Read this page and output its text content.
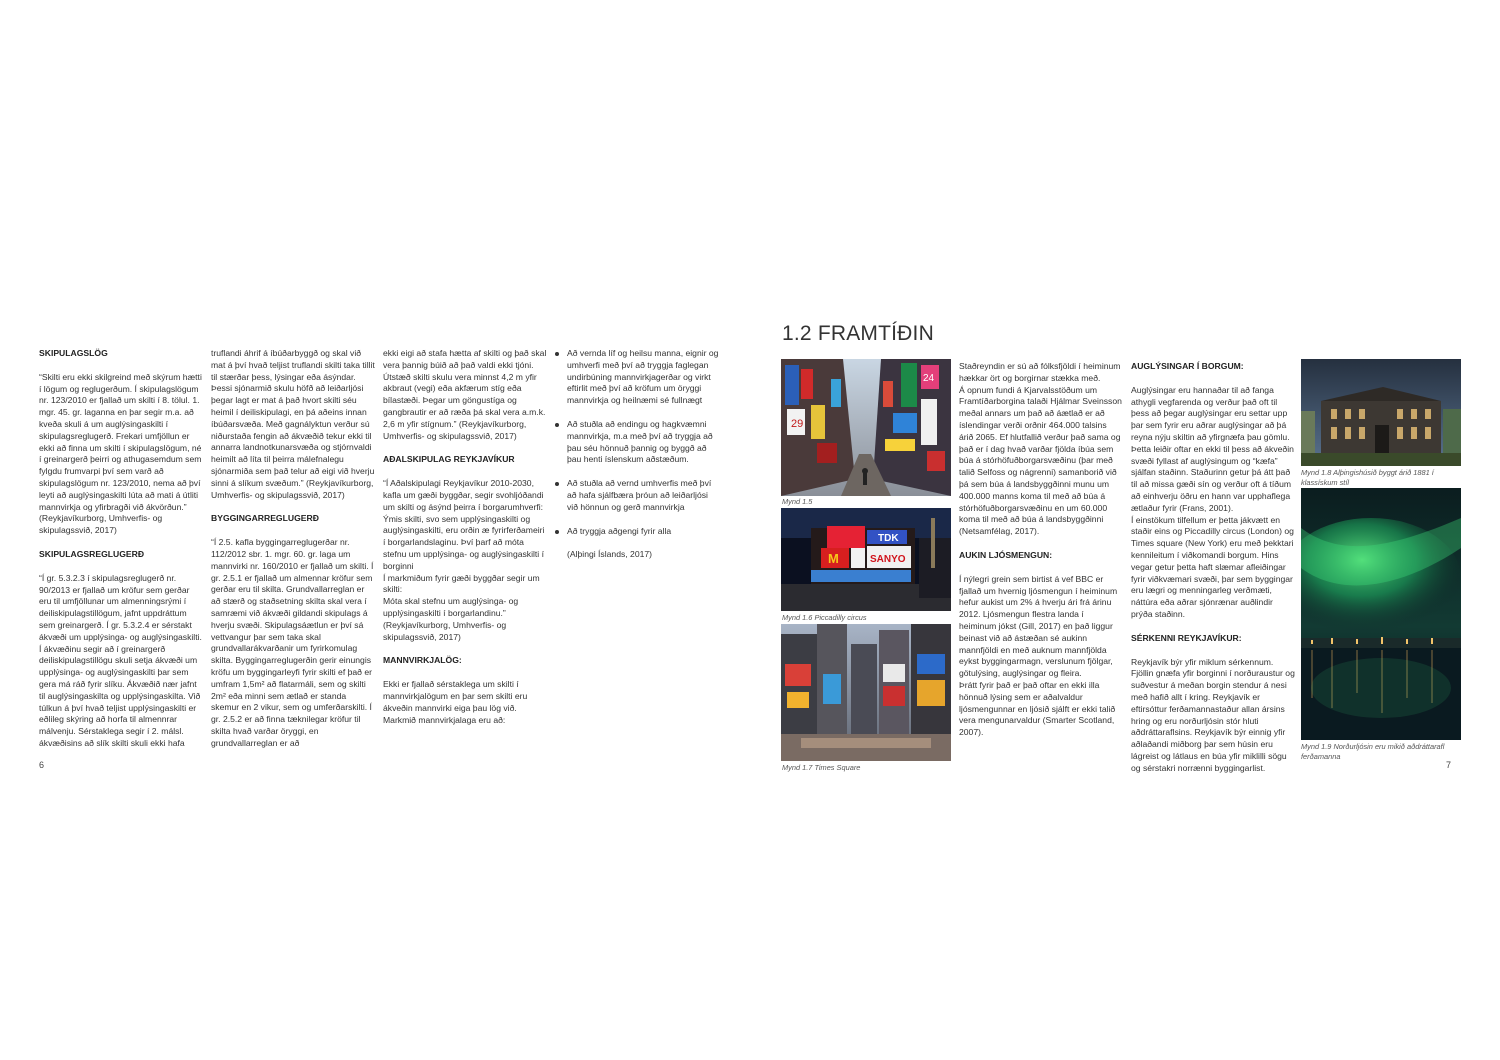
SKIPULAGSLÖG

“Skilti eru ekki skilgreind með skýrum hætti í lögum og reglugerðum. Í skipulagslögum nr. 123/2010 er fjallað um skilti í 8. tölul. 1. mgr. 45. gr. laganna en þar segir m.a. að kveða skuli á um auglýsingaskilti í skipulagsreglugerð. Frekari umfjöllun er ekki að finna um skilti í skipulagslögum, né í greinargerð þeirri og athugasemdum sem fylgdu frumvarpi því sem varð að skipulagslögum nr. 123/2010, nema að því leyti að auglýsingaskilti lúta að mati á útliti mannvirkja og yfirbragði við ákvörðun.” (Reykjavíkurborg, Umhverfis- og skipulagssvið, 2017)

SKIPULAGSREGLUGERÐ

“Í gr. 5.3.2.3 í skipulagsreglugerð nr. 90/2013 er fjallað um kröfur sem gerðar eru til umfjöllunar um almenningsrými í deiliskipulagstillögum, jafnt uppdráttum sem greinargerð. Í gr. 5.3.2.4 er sérstakt ákvæði um upplýsinga- og auglýsingaskilti. Í ákvæðinu segir að í greinargerð deiliskipulagstillögu skuli setja ákvæði um upplýsinga- og auglýsingaskilti þar sem gera má ráð fyrir slíku. Ákvæðið nær jafnt til auglýsingaskilta og upplýsingaskilta. Við túlkun á því hvað teljist upplýsingaskilti er eðlileg skýring að horfa til almennrar málvenju. Sérstaklega segir í 2. málsl. ákvæðisins að slík skilti skuli ekki hafa

truflandi áhrif á íbúðarbyggð og skal við mat á því hvað teljist truflandi skilti taka tillit til stærðar þess, lýsingar eða ásýndar. Þessi sjónarmið skulu höfð að leiðarljósi þegar lagt er mat á það hvort skilti séu heimil í deiliskipulagi, en þá aðeins innan íbúðarsvæða. Með gagnályktun verður sú niðurstaða fengin að ákvæðið tekur ekki til annarra landnotkunarsvæða og stjórnvaldi heimilt að líta til þeirra málefnalegu sjónarmiða sem það telur að eigi við hverju sinni á slíkum svæðum.” (Reykjavíkurborg, Umhverfis- og skipulagssvið, 2017)

BYGGINGARREGLUGERÐ

“Í 2.5. kafla byggingarreglugerðar nr. 112/2012 sbr. 1. mgr. 60. gr. laga um mannvirki nr. 160/2010 er fjallað um skilti. Í gr. 2.5.1 er fjallað um almennar kröfur sem gerðar eru til skilta. Grundvallarreglan er að stærð og staðsetning skilta skal vera í samræmi við ákvæði gildandi skipulags á hverju svæði. Skipulagsáætlun er því sá vettvangur þar sem taka skal grundvallarákvarðanir um fyrirkomulag skilta. Byggingarreglugerðin gerir einungis kröfu um byggingarleyfi fyrir skilti ef það er umfram 1,5m² að flatarmáli, sem og skilti 2m² eða minni sem ætlað er standa skemur en 2 vikur, sem og umferðarskilti. Í gr. 2.5.2 er að finna tæknilegar kröfur til skilta hvað varðar öryggi, en grundvallarreglan er að

ekki eigi að stafa hætta af skilti og það skal vera þannig búið að það valdi ekki tjóni. Útstæð skilti skulu vera minnst 4,2 m yfir akbraut (vegi) eða akfærum stíg eða bílastæði. Þegar um göngustíga og gangbrautir er að ræða þá skal vera a.m.k. 2,6 m yfir stígnum.” (Reykjavíkurborg, Umhverfis- og skipulagssvið, 2017)

AÐALSKIPULAG REYKJAVÍKUR

“Í Aðalskipulagi Reykjavíkur 2010-2030, kafla um gæði byggðar, segir svohljóðandi um skilti og ásýnd þeirra í borgarumhverfi:
Ýmis skilti, svo sem upplýsingaskilti og auglýsingaskilti, eru orðin æ fyrirferðameiri í borgarlandslaginu. Því þarf að móta stefnu um upplýsinga- og auglýsingaskilti í borginni
Í markmiðum fyrir gæði byggðar segir um skilti:
Móta skal stefnu um auglýsinga- og upplýsingaskilti í borgarlandinu.” (Reykjavíkurborg, Umhverfis- og skipulagssvið, 2017)

MANNVIRKJALÖG:

Ekki er fjallað sérstaklega um skilti í mannvirkjalögum en þar sem skilti eru ákveðin mannvirki eiga þau lög við. Markmið mannvirkjalaga eru að:

Að vernda líf og heilsu manna, eignir og umhverfi með því að tryggja faglegan undirbúning mannvirkjagerðar og virkt eftirlit með því að kröfum um öryggi mannvirkja og heilnæmi sé fullnægt
Að stuðla að endingu og hagkvæmni mannvirkja, m.a með því að tryggja að þau séu hönnuð þannig og byggð að þau henti íslenskum aðstæðum.
Að stuðla að vernd umhverfis með því að hafa sjálfbæra þróun að leiðarljósi við hönnun og gerð mannvirkja
Að tryggja aðgengi fyrir alla

(Alþingi Íslands, 2017)

6
1.2 FRAMTÍÐIN
29
24
Mynd 1.5
TDK
M	SANYO
Mynd 1.6 Piccadilly circus
Mynd 1.7 Times Square

Staðreyndin er sú að fólksfjöldi í heiminum hækkar ört og borgirnar stækka með.
Á opnum fundi á Kjarvalsstöðum um Framtíðarborgina talaði Hjálmar Sveinsson meðal annars um það að áætlað er að íslendingar verði orðnir 464.000 talsins árið 2065. Ef hlutfallið verður það sama og það er í dag hvað varðar fjölda íbúa sem búa á stórhöfuðborgarsvæðinu (þar með talið Selfoss og nágrenni) samanborið við þá sem búa á landsbyggðinni munu um 400.000 manns koma til með að búa á stórhöfuðborgarsvæðinu en um 60.000 koma til með að búa á landsbyggðinni (Netsamfélag, 2017).

AUKIN LJÓSMENGUN:

Í nýlegri grein sem birtist á vef BBC er fjallað um hvernig ljósmengun í heiminum hefur aukist um 2% á hverju ári frá árinu 2012. Ljósmengun flestra landa í heiminum jókst (Gill, 2017) en það liggur beinast við að ástæðan sé aukinn mannfjöldi en með auknum mannfjölda eykst byggingarmagn, verslunum fjölgar, götulýsing, auglýsingar og fleira.
Þrátt fyrir það er það oftar en ekki illa hönnuð lýsing sem er aðalvaldur ljósmengunnar en ljósið sjálft er ekki talið vera mengunarvaldur (Smarter Scotland, 2007).

AUGLÝSINGAR Í BORGUM:

Auglýsingar eru hannaðar til að fanga athygli vegfarenda og verður það oft til þess að þegar auglýsingar eru settar upp þar sem fyrir eru aðrar auglýsingar að þá reyna nýju skiltin að yfirgnæfa þau gömlu. Þetta leiðir oftar en ekki til þess að ákveðin svæði fyllast af auglýsingum og “kæfa” sjálfan staðinn. Staðurinn getur þá átt það til að missa gæði sín og verður oft á tíðum að einhverju öðru en hann var upphaflega ætlaður fyrir (Frans, 2001).
Í einstökum tilfellum er þetta jákvætt en staðir eins og Piccadilly circus (London) og Times square (New York) eru með þekktari kennileitum í viðkomandi borgum. Hins vegar getur þetta haft slæmar afleiðingar fyrir viðkvæmari svæði, þar sem byggingar eru lægri og menningarleg verðmæti, náttúra eða aðrar sjónrænar auðlindir prýða staðinn.

SÉRKENNI REYKJAVÍKUR:

Reykjavík býr yfir miklum sérkennum. Fjöllin gnæfa yfir borginni í norðuraustur og suðvestur á meðan borgin stendur á nesi með hafið allt í kring. Reykjavík er eftirsóttur ferðamannastaður allan ársins hring og eru norðurljósin stór hluti aðdráttaraflsins. Reykjavík býr einnig yfir aðlaðandi miðborg þar sem húsin eru lágreist og látlaus en búa yfir miklilli sögu og sérstakri norrænni byggingarlist.

Mynd 1.8 Alþingishúsið byggt árið 1881 í klassískum stíl
Mynd 1.9 Norðurljósin eru mikið aðdráttarafl ferðamanna
7
